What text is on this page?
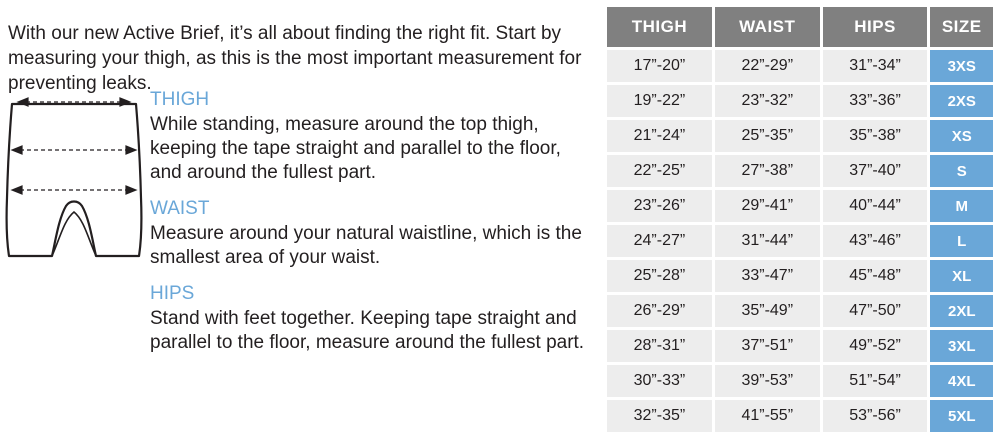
With our new Active Brief, it’s all about finding the right fit. Start by measuring your thigh, as this is the most important measurement for preventing leaks.

THIGH

While standing, measure around the top thigh, keeping the tape straight and parallel to the floor, and around the fullest part.

WAIST

Measure around your natural waistline, which is the smallest area of your waist.

HIPS

Stand with feet together. Keeping tape straight and parallel to the floor, measure around the fullest part.

THIGH	WAIST	HIPS	SIZE
17”-20”	22”-29”	31”-34”	3XS
19”-22”	23”-32”	33”-36”	2XS
21”-24”	25”-35”	35”-38”	XS
22”-25”	27”-38”	37”-40”	S
23”-26”	29”-41”	40”-44”	M
24”-27”	31”-44”	43”-46”	L
25”-28”	33”-47”	45”-48”	XL
26”-29”	35”-49”	47”-50”	2XL
28”-31”	37”-51”	49”-52”	3XL
30”-33”	39”-53”	51”-54”	4XL
32”-35”	41”-55”	53”-56”	5XL
